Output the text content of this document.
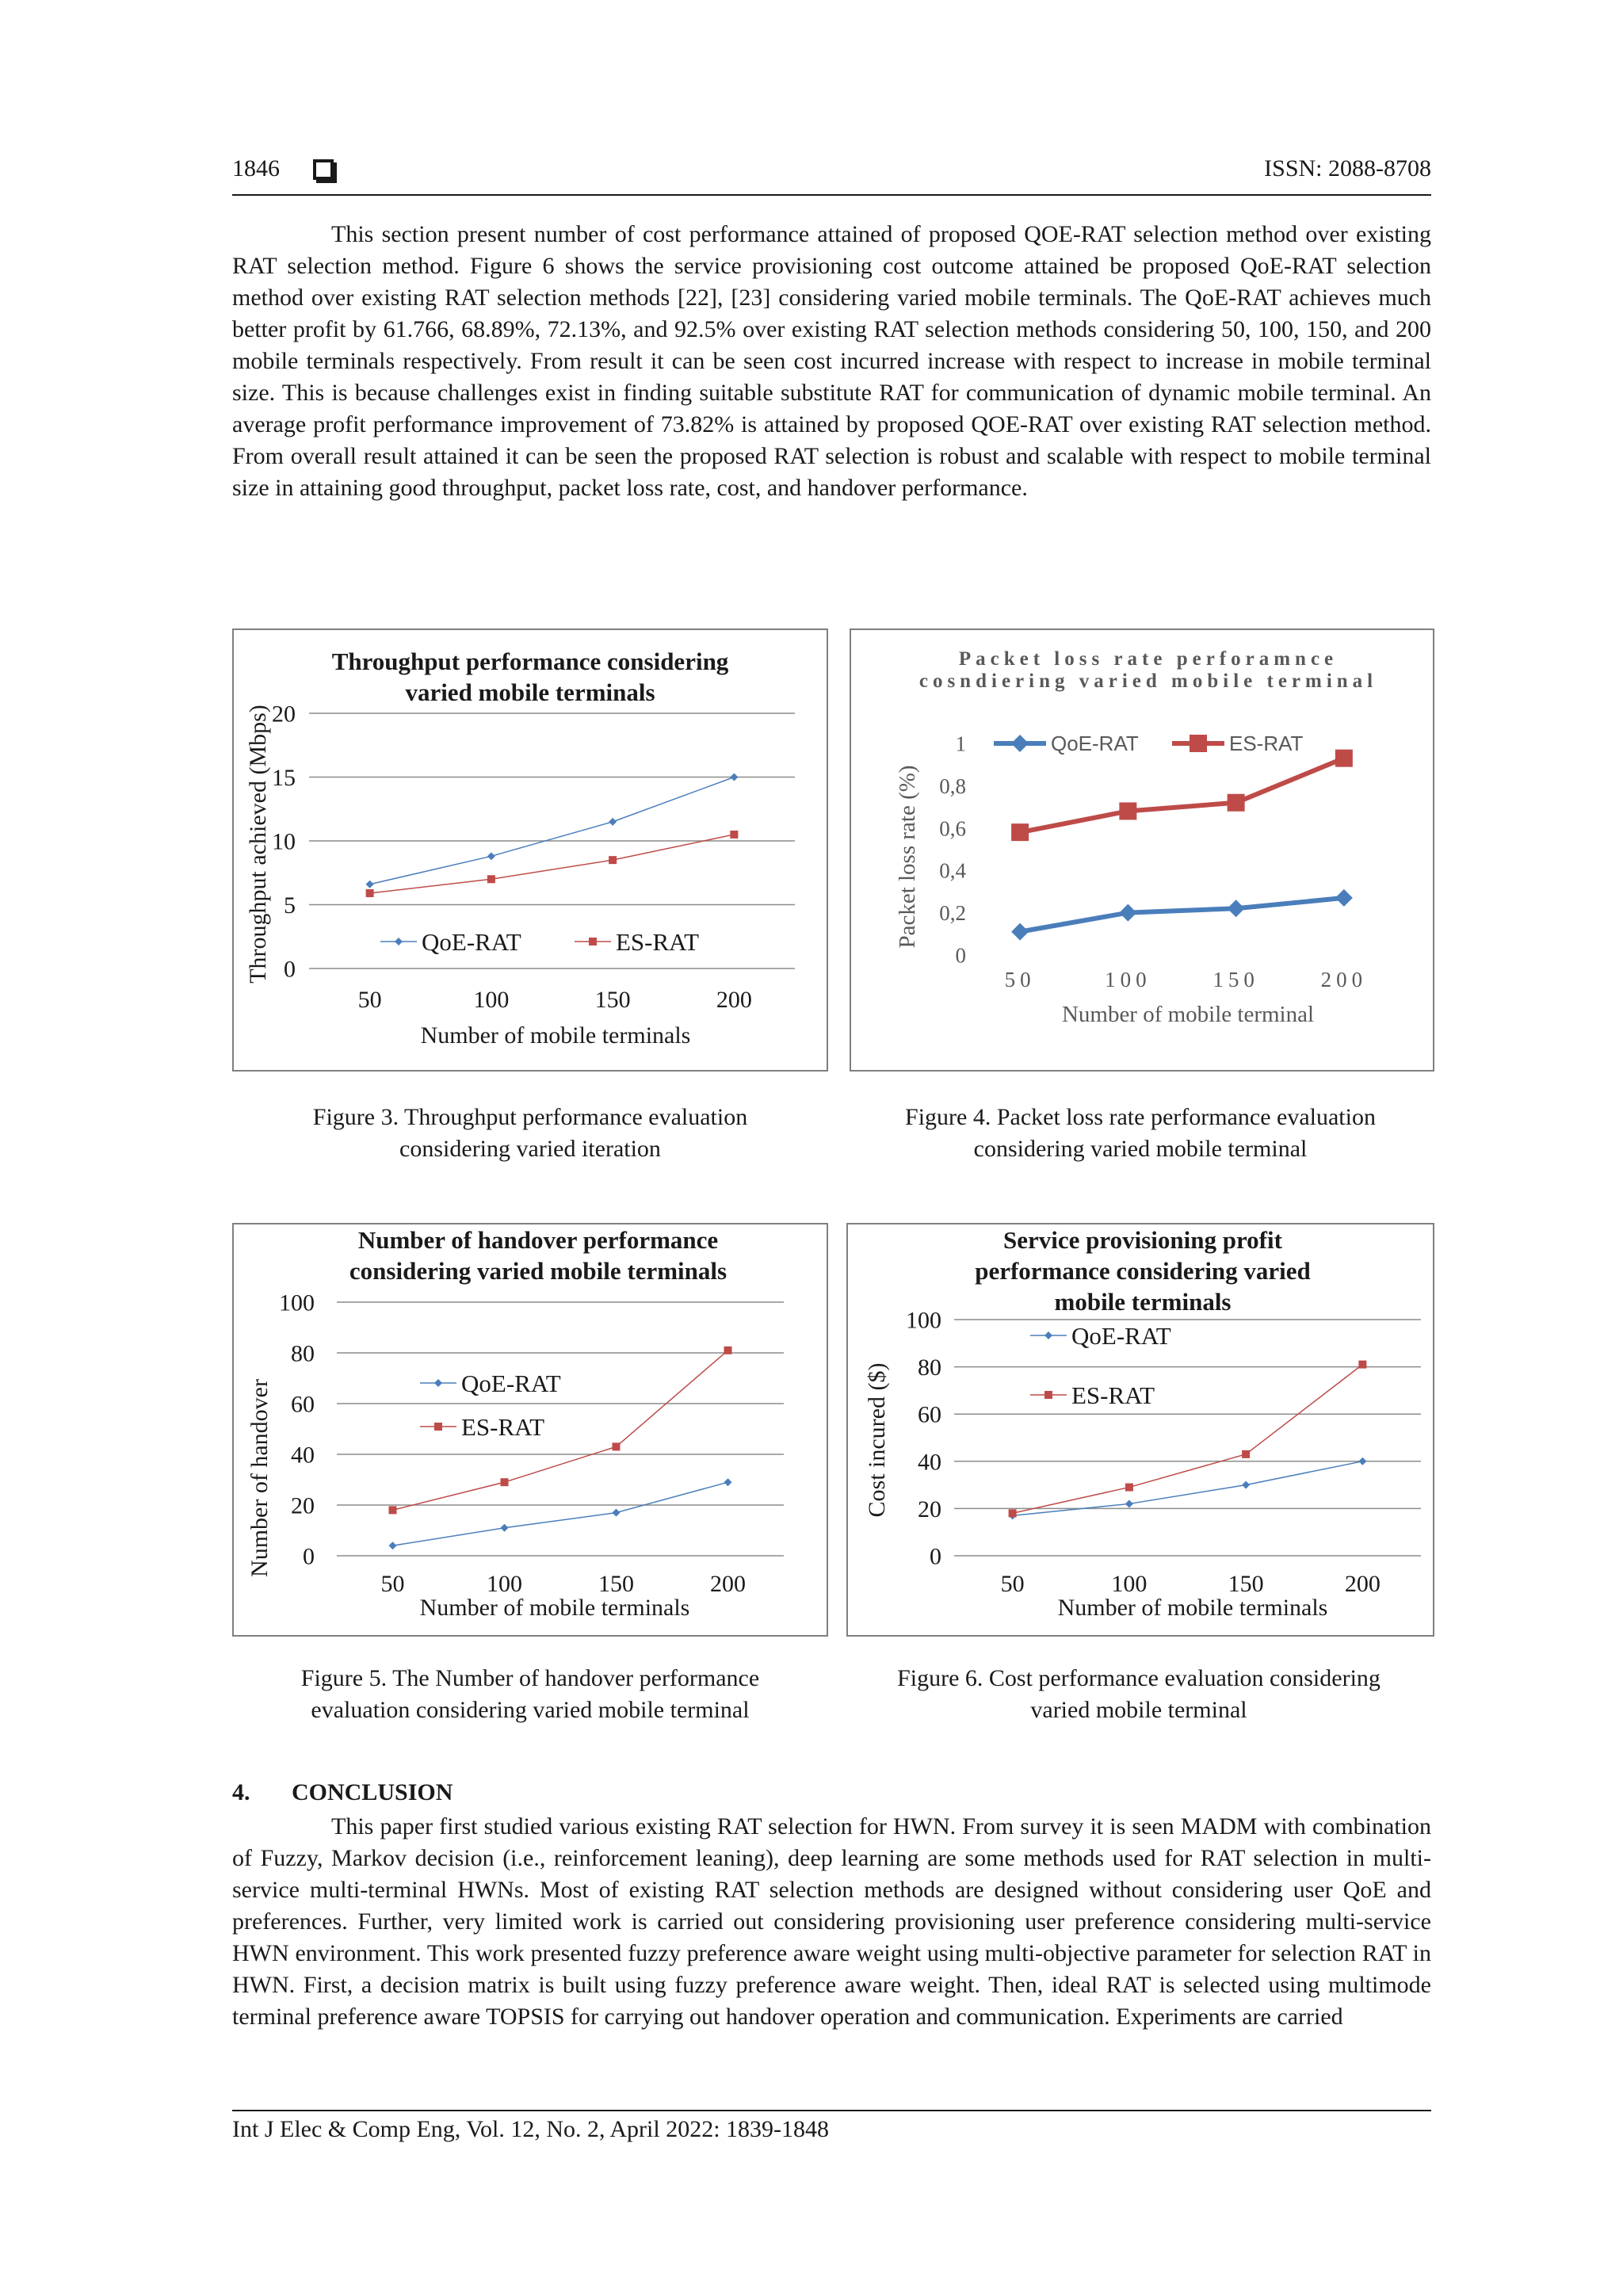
1846	ISSN: 2088-8708
This section present number of cost performance attained of proposed QOE-RAT selection method over existing RAT selection method. Figure 6 shows the service provisioning cost outcome attained be proposed QoE-RAT selection method over existing RAT selection methods [22], [23] considering varied mobile terminals. The QoE-RAT achieves much better profit by 61.766, 68.89%, 72.13%, and 92.5% over existing RAT selection methods considering 50, 100, 150, and 200 mobile terminals respectively. From result it can be seen cost incurred increase with respect to increase in mobile terminal size. This is because challenges exist in finding suitable substitute RAT for communication of dynamic mobile terminal. An average profit performance improvement of 73.82% is attained by proposed QOE-RAT over existing RAT selection method. From overall result attained it can be seen the proposed RAT selection is robust and scalable with respect to mobile terminal size in attaining good throughput, packet loss rate, cost, and handover performance.
Throughput performance considering
varied mobile terminals
0
5
10
15
20
50	100	150	200
Number of mobile terminals
Throughput achieved (Mbps)	QoE-RAT	ES-RAT
Packet loss rate perforamnce
cosndiering varied mobile terminal
0
0,2
0,4
0,6
0,8
1
50	100	150	200
Number of mobile terminal
Packet loss rate (%)
QoE-RAT	ES-RAT
Figure 3. Throughput performance evaluation
considering varied iteration
Figure 4. Packet loss rate performance evaluation
considering varied mobile terminal
Number of handover performance
considering varied mobile terminals
0
20
40
60
80
100
50	100	150	200
Number of mobile terminals
Number of handover	QoE-RAT
ES-RAT
Service provisioning profit
performance considering varied
mobile terminals
0
20
40
60
80
100
50	100	150	200
Number of mobile terminals
Cost incured ($)
QoE-RAT
ES-RAT
Figure 5. The Number of handover performance
evaluation considering varied mobile terminal
Figure 6. Cost performance evaluation considering
varied mobile terminal
4. CONCLUSION
This paper first studied various existing RAT selection for HWN. From survey it is seen MADM with combination of Fuzzy, Markov decision (i.e., reinforcement leaning), deep learning are some methods used for RAT selection in multi-service multi-terminal HWNs. Most of existing RAT selection methods are designed without considering user QoE and preferences. Further, very limited work is carried out considering provisioning user preference considering multi-service HWN environment. This work presented fuzzy preference aware weight using multi-objective parameter for selection RAT in HWN. First, a decision matrix is built using fuzzy preference aware weight. Then, ideal RAT is selected using multimode terminal preference aware TOPSIS for carrying out handover operation and communication. Experiments are carried
Int J Elec & Comp Eng, Vol. 12, No. 2, April 2022: 1839-1848
